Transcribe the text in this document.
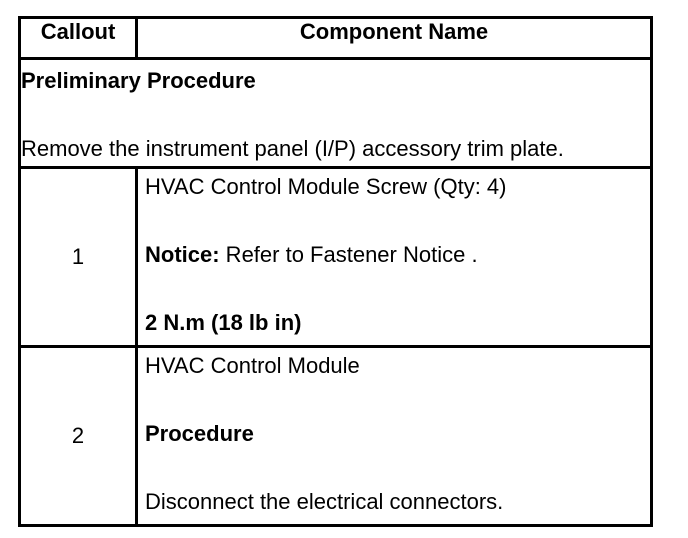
Callout	Component Name

Preliminary Procedure
Remove the instrument panel (I/P) accessory trim plate.	

1	HVAC Control Module Screw (Qty: 4)
Notice: Refer to Fastener Notice .
2 N.m (18 lb in)

2	HVAC Control Module
Procedure
Disconnect the electrical connectors.
